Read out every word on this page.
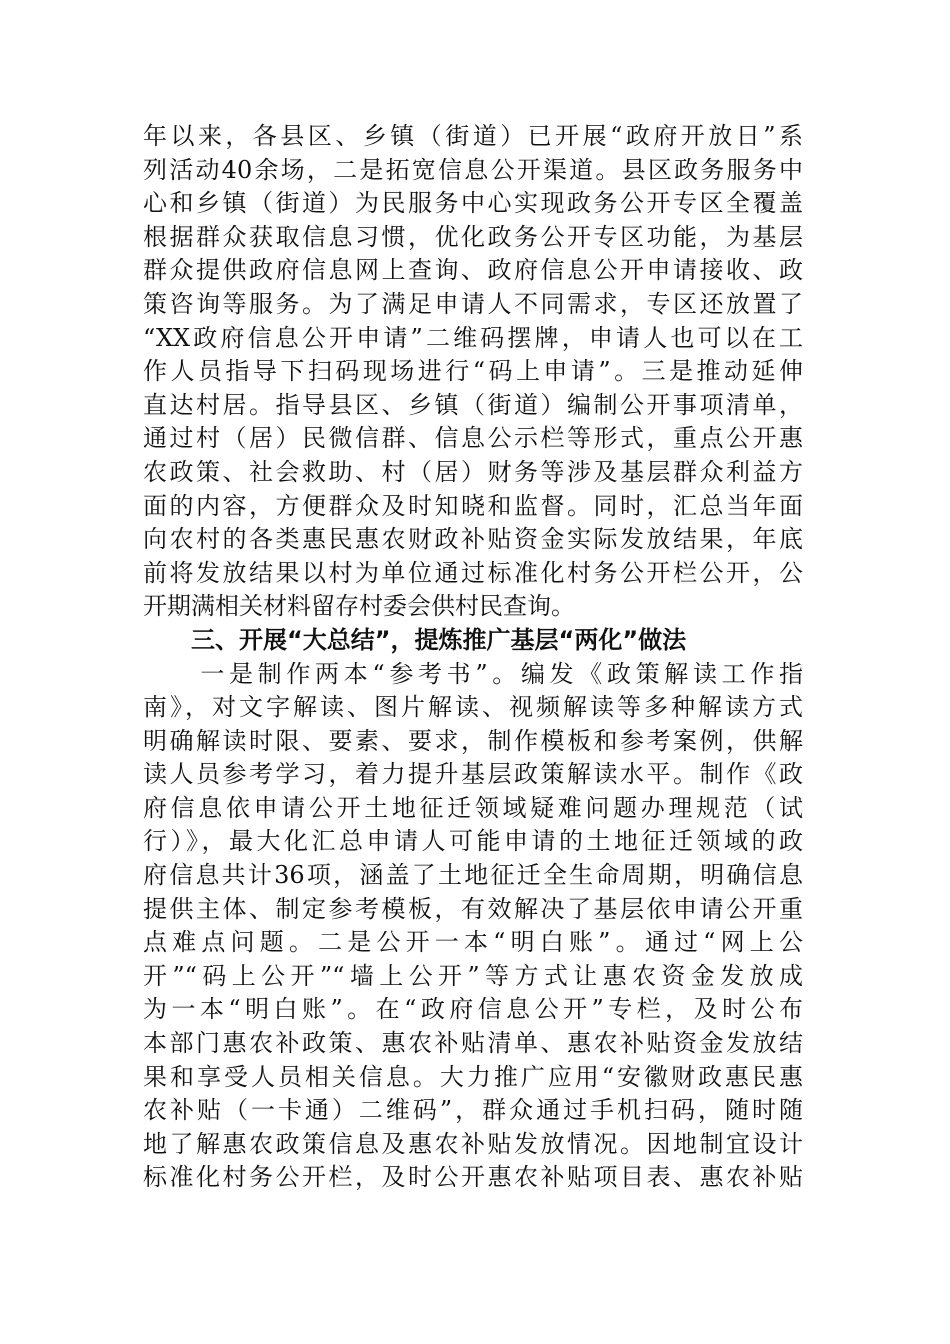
年以来，各县区、乡镇（街道）已开展“政府开放日”系
列活动40余场，二是拓宽信息公开渠道。县区政务服务中
心和乡镇（街道）为民服务中心实现政务公开专区全覆盖
根据群众获取信息习惯，优化政务公开专区功能，为基层
群众提供政府信息网上查询、政府信息公开申请接收、政
策咨询等服务。为了满足申请人不同需求，专区还放置了
“XX政府信息公开申请”二维码摆牌，申请人也可以在工
作人员指导下扫码现场进行“码上申请”。三是推动延伸
直达村居。指导县区、乡镇（街道）编制公开事项清单，
通过村（居）民微信群、信息公示栏等形式，重点公开惠
农政策、社会救助、村（居）财务等涉及基层群众利益方
面的内容，方便群众及时知晓和监督。同时，汇总当年面
向农村的各类惠民惠农财政补贴资金实际发放结果，年底
前将发放结果以村为单位通过标准化村务公开栏公开，公
开期满相关材料留存村委会供村民查询。
三、开展“大总结”，提炼推广基层“两化”做法
　　一是制作两本“参考书”。编发《政策解读工作指
南》，对文字解读、图片解读、视频解读等多种解读方式
明确解读时限、要素、要求，制作模板和参考案例，供解
读人员参考学习，着力提升基层政策解读水平。制作《政
府信息依申请公开土地征迁领域疑难问题办理规范（试
行）》，最大化汇总申请人可能申请的土地征迁领域的政
府信息共计36项，涵盖了土地征迁全生命周期，明确信息
提供主体、制定参考模板，有效解决了基层依申请公开重
点难点问题。二是公开一本“明白账”。通过“网上公
开”“码上公开”“墙上公开”等方式让惠农资金发放成
为一本“明白账”。在“政府信息公开”专栏，及时公布
本部门惠农补政策、惠农补贴清单、惠农补贴资金发放结
果和享受人员相关信息。大力推广应用“安徽财政惠民惠
农补贴（一卡通）二维码”，群众通过手机扫码，随时随
地了解惠农政策信息及惠农补贴发放情况。因地制宜设计
标准化村务公开栏，及时公开惠农补贴项目表、惠农补贴
